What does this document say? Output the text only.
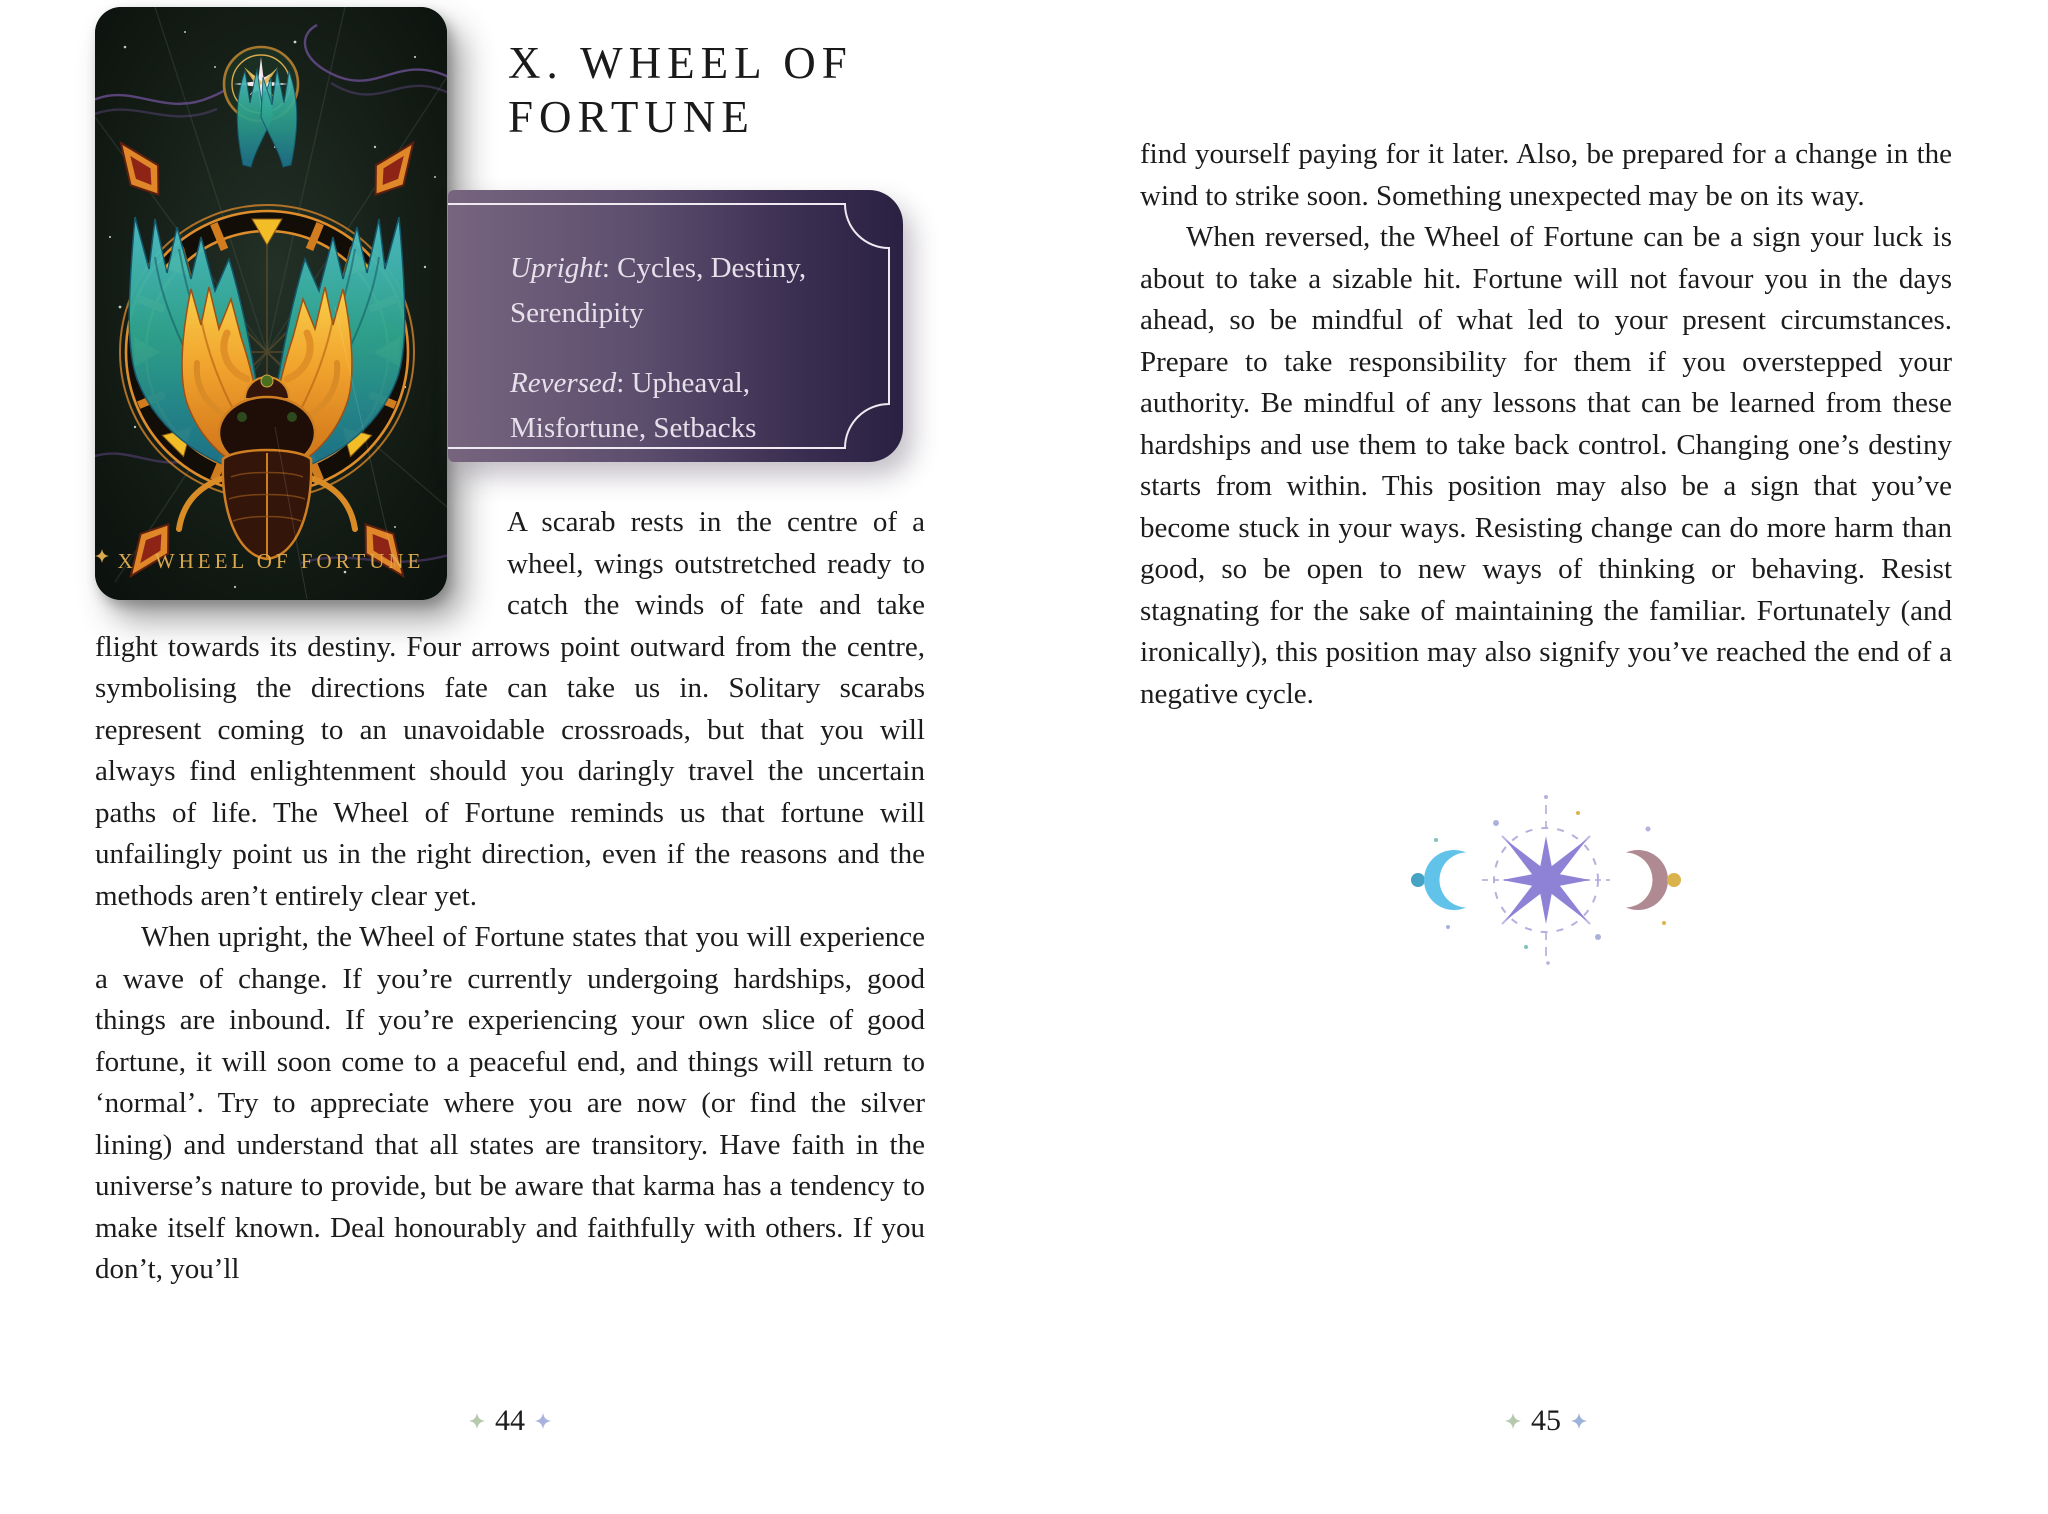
X WHEEL OF FORTUNE
X. WHEEL OF FORTUNE

Upright: Cycles, Destiny, Serendipity

Reversed: Upheaval, Misfortune, Setbacks

A scarab rests in the centre of a wheel, wings outstretched ready to catch the winds of fate and take flight towards its destiny. Four arrows point outward from the centre, symbolising the directions fate can take us in. Solitary scarabs represent coming to an unavoidable crossroads, but that you will always find enlightenment should you daringly travel the uncertain paths of life. The Wheel of Fortune reminds us that fortune will unfailingly point us in the right direction, even if the reasons and the methods aren’t entirely clear yet.

When upright, the Wheel of Fortune states that you will experience a wave of change. If you’re currently undergoing hardships, good things are inbound. If you’re experiencing your own slice of good fortune, it will soon come to a peaceful end, and things will return to ‘normal’. Try to appreciate where you are now (or find the silver lining) and understand that all states are transitory. Have faith in the universe’s nature to provide, but be aware that karma has a tendency to make itself known. Deal honourably and faithfully with others. If you don’t, you’ll

44

find yourself paying for it later. Also, be prepared for a change in the wind to strike soon. Something unexpected may be on its way.

When reversed, the Wheel of Fortune can be a sign your luck is about to take a sizable hit. Fortune will not favour you in the days ahead, so be mindful of what led to your present circumstances. Prepare to take responsibility for them if you overstepped your authority. Be mindful of any lessons that can be learned from these hardships and use them to take back control. Changing one’s destiny starts from within. This position may also be a sign that you’ve become stuck in your ways. Resisting change can do more harm than good, so be open to new ways of thinking or behaving. Resist stagnating for the sake of maintaining the familiar. Fortunately (and ironically), this position may also signify you’ve reached the end of a negative cycle.

45
